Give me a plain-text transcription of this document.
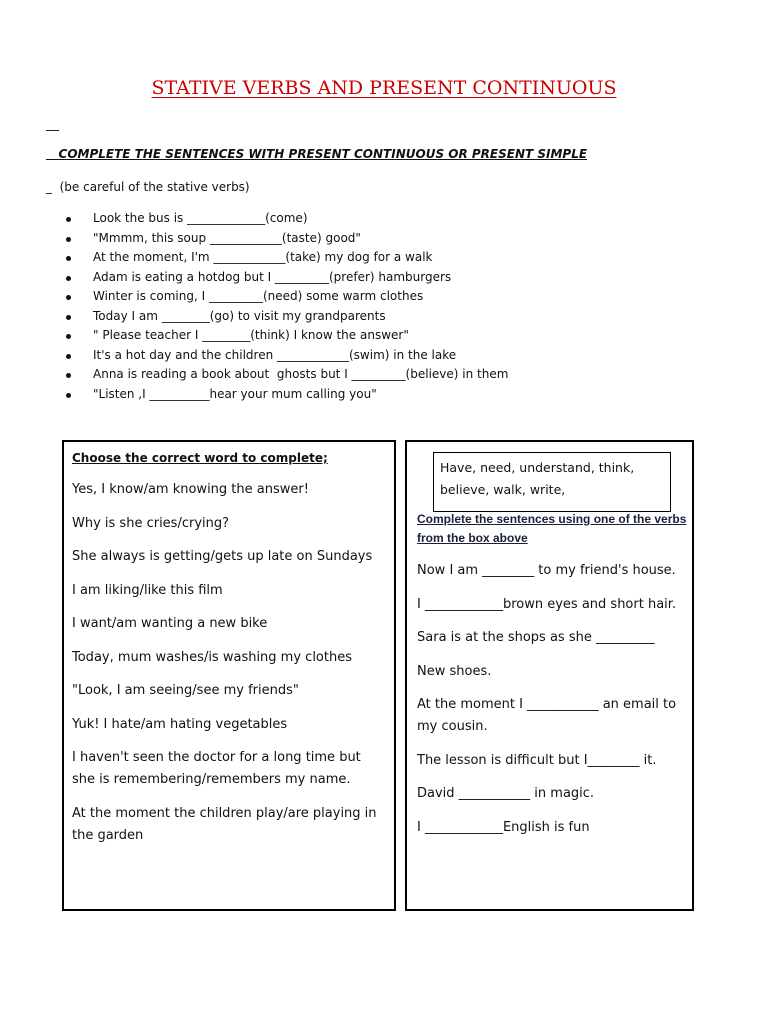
STATIVE VERBS AND PRESENT CONTINUOUS
__
COMPLETE THE SENTENCES WITH PRESENT CONTINUOUS OR PRESENT SIMPLE
_  (be careful of the stative verbs)
Look the bus is _____________(come)
"Mmmm, this soup ____________(taste) good"
At the moment, I'm ____________(take) my dog for a walk
Adam is eating a hotdog but I _________(prefer) hamburgers
Winter is coming, I _________(need) some warm clothes
Today I am ________(go) to visit my grandparents
" Please teacher I ________(think) I know the answer"
It's a hot day and the children ____________(swim) in the lake
Anna is reading a book about  ghosts but I _________(believe) in them
"Listen ,I __________hear your mum calling you"
Choose the correct word to complete;
Yes, I know/am knowing the answer!
Why is she cries/crying?
She always is getting/gets up late on Sundays
I am liking/like this film
I want/am wanting a new bike
Today, mum washes/is washing my clothes
"Look, I am seeing/see my friends"
Yuk! I hate/am hating vegetables
I haven't seen the doctor for a long time but she is remembering/remembers my name.
At the moment the children play/are playing in the garden
Have, need, understand, think, believe, walk, write,
Complete the sentences using one of the verbs from the box above
Now I am ________ to my friend's house.
I ____________brown eyes and short hair.
Sara is at the shops as she _________
New shoes.
At the moment I ___________ an email to my cousin.
The lesson is difficult but I________ it.
David ___________ in magic.
I ____________English is fun
